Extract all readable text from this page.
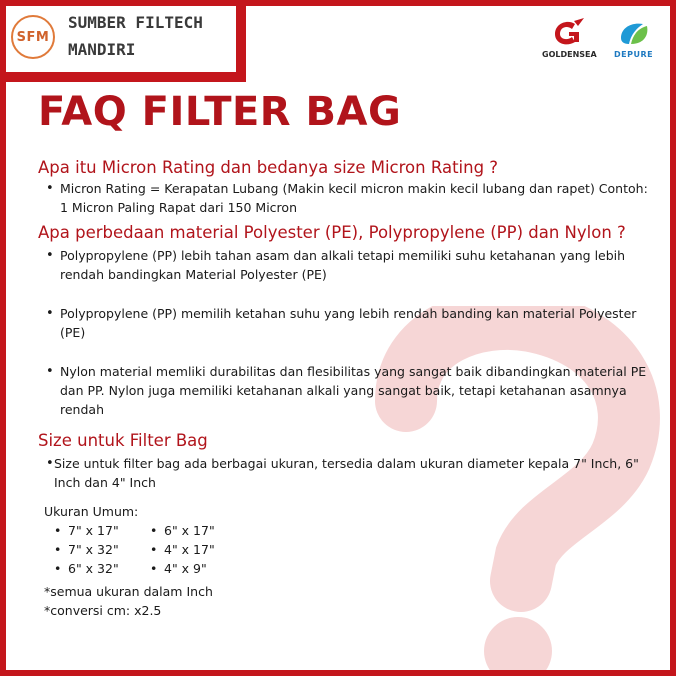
SFM

SUMBER FILTECH MANDIRI	GOLDENSEA DEPURE
FAQ FILTER BAG
Apa itu Micron Rating dan bedanya size Micron Rating ?
• Micron Rating = Kerapatan Lubang (Makin kecil micron makin kecil lubang dan rapet) Contoh: 1 Micron Paling Rapat dari 150 Micron
Apa perbedaan material Polyester (PE), Polypropylene (PP) dan Nylon ?
• Polypropylene (PP) lebih tahan asam dan alkali tetapi memiliki suhu ketahanan yang lebih rendah bandingkan Material Polyester (PE)
• Polypropylene (PP) memilih ketahan suhu yang lebih rendah banding kan material Polyester (PE)
• Nylon material memliki durabilitas dan flesibilitas yang sangat baik dibandingkan material PE dan PP. Nylon juga memiliki ketahanan alkali yang sangat baik, tetapi ketahanan asamnya rendah
Size untuk Filter Bag
• Size untuk filter bag ada berbagai ukuran, tersedia dalam ukuran diameter kepala 7" Inch, 6" Inch dan 4" Inch
Ukuran Umum:
• 7" x 17"
• 7" x 32"
• 6" x 32"
• 6" x 17"
• 4" x 17"
• 4" x 9"
*semua ukuran dalam Inch
*conversi cm: x2.5
